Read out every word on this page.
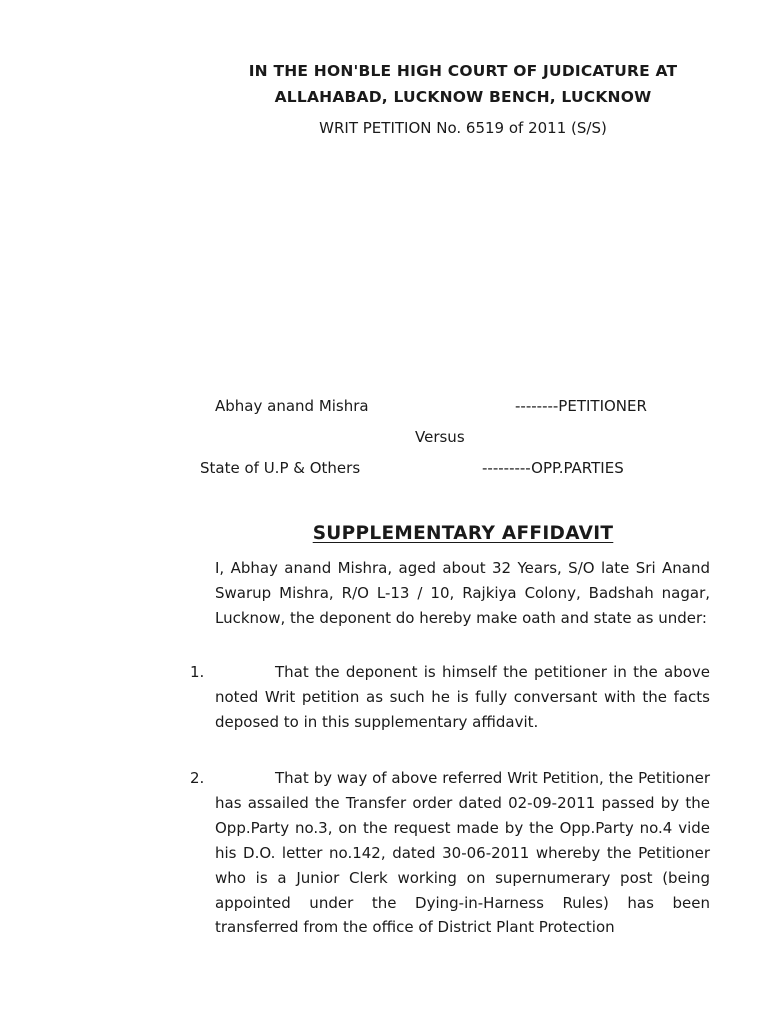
IN THE HON'BLE HIGH COURT OF JUDICATURE AT
ALLAHABAD, LUCKNOW BENCH, LUCKNOW
WRIT PETITION No. 6519 of 2011 (S/S)
Abhay anand Mishra	--------PETITIONER
Versus
State of U.P & Others	---------OPP.PARTIES
SUPPLEMENTARY AFFIDAVIT

I, Abhay anand Mishra, aged about 32 Years, S/O late Sri Anand Swarup Mishra, R/O L-13 / 10, Rajkiya Colony, Badshah nagar, Lucknow, the deponent do hereby make oath and state as under:

1.	That the deponent is himself the petitioner in the above noted Writ petition as such he is fully conversant with the facts deposed to in this supplementary affidavit.

2.	That by way of above referred Writ Petition, the Petitioner has assailed the Transfer order dated 02-09-2011 passed by the Opp.Party no.3, on the request made by the Opp.Party no.4 vide his D.O. letter no.142, dated 30-06-2011 whereby the Petitioner who is a Junior Clerk working on supernumerary post (being appointed under the Dying-in-Harness Rules) has been transferred from the office of District Plant Protection
